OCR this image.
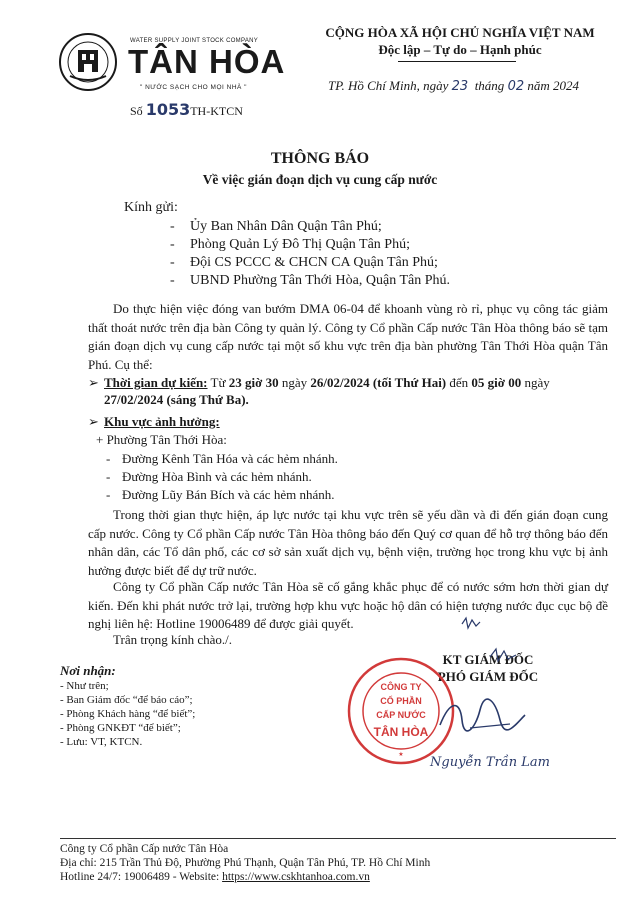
WATER SUPPLY JOINT STOCK COMPANY
TÂN HÒA
" NƯỚC SẠCH CHO MỌI NHÀ "
Số 1053TH-KTCN
CỘNG HÒA XÃ HỘI CHỦ NGHĨA VIỆT NAM
Độc lập – Tự do – Hạnh phúc
TP. Hồ Chí Minh, ngày 23 tháng 02 năm 2024
THÔNG BÁO
Về việc gián đoạn dịch vụ cung cấp nước
Kính gửi:
- Ủy Ban Nhân Dân Quận Tân Phú;
- Phòng Quản Lý Đô Thị Quận Tân Phú;
- Đội CS PCCC & CHCN CA Quận Tân Phú;
- UBND Phường Tân Thới Hòa, Quận Tân Phú.
Do thực hiện việc đóng van bướm DMA 06-04 để khoanh vùng rò rỉ, phục vụ công tác giảm thất thoát nước trên địa bàn Công ty quản lý. Công ty Cổ phần Cấp nước Tân Hòa thông báo sẽ tạm gián đoạn dịch vụ cung cấp nước tại một số khu vực trên địa bàn phường Tân Thới Hòa quận Tân Phú. Cụ thể:
➢ Thời gian dự kiến: Từ 23 giờ 30 ngày 26/02/2024 (tối Thứ Hai) đến 05 giờ 00 ngày
27/02/2024 (sáng Thứ Ba).
➢ Khu vực ảnh hưởng:
+ Phường Tân Thới Hòa:
- Đường Kênh Tân Hóa và các hẻm nhánh.
- Đường Hòa Bình và các hẻm nhánh.
- Đường Lũy Bán Bích và các hẻm nhánh.
Trong thời gian thực hiện, áp lực nước tại khu vực trên sẽ yếu dần và đi đến gián đoạn cung cấp nước. Công ty Cổ phần Cấp nước Tân Hòa thông báo đến Quý cơ quan để hỗ trợ thông báo đến nhân dân, các Tổ dân phố, các cơ sở sản xuất dịch vụ, bệnh viện, trường học trong khu vực bị ảnh hưởng được biết để dự trữ nước.
Công ty Cổ phần Cấp nước Tân Hòa sẽ cố gắng khắc phục để có nước sớm hơn thời gian dự kiến. Đến khi phát nước trở lại, trường hợp khu vực hoặc hộ dân có hiện tượng nước đục cục bộ đề nghị liên hệ: Hotline 19006489 để được giải quyết.
Trân trọng kính chào./.
KT GIÁM ĐỐC
PHÓ GIÁM ĐỐC
CÔNG TY
CỔ PHẦN
CẤP NƯỚC
TÂN HÒA
★ Nguyễn Trần Lam
Nơi nhận:
- Như trên;
- Ban Giám đốc “để báo cáo”;
- Phòng Khách hàng “để biết”;
- Phòng GNKĐT “để biết”;
- Lưu: VT, KTCN.
Công ty Cổ phần Cấp nước Tân Hòa
Địa chỉ: 215 Trần Thủ Độ, Phường Phú Thạnh, Quận Tân Phú, TP. Hồ Chí Minh
Hotline 24/7: 19006489 - Website: https://www.cskhtanhoa.com.vn
